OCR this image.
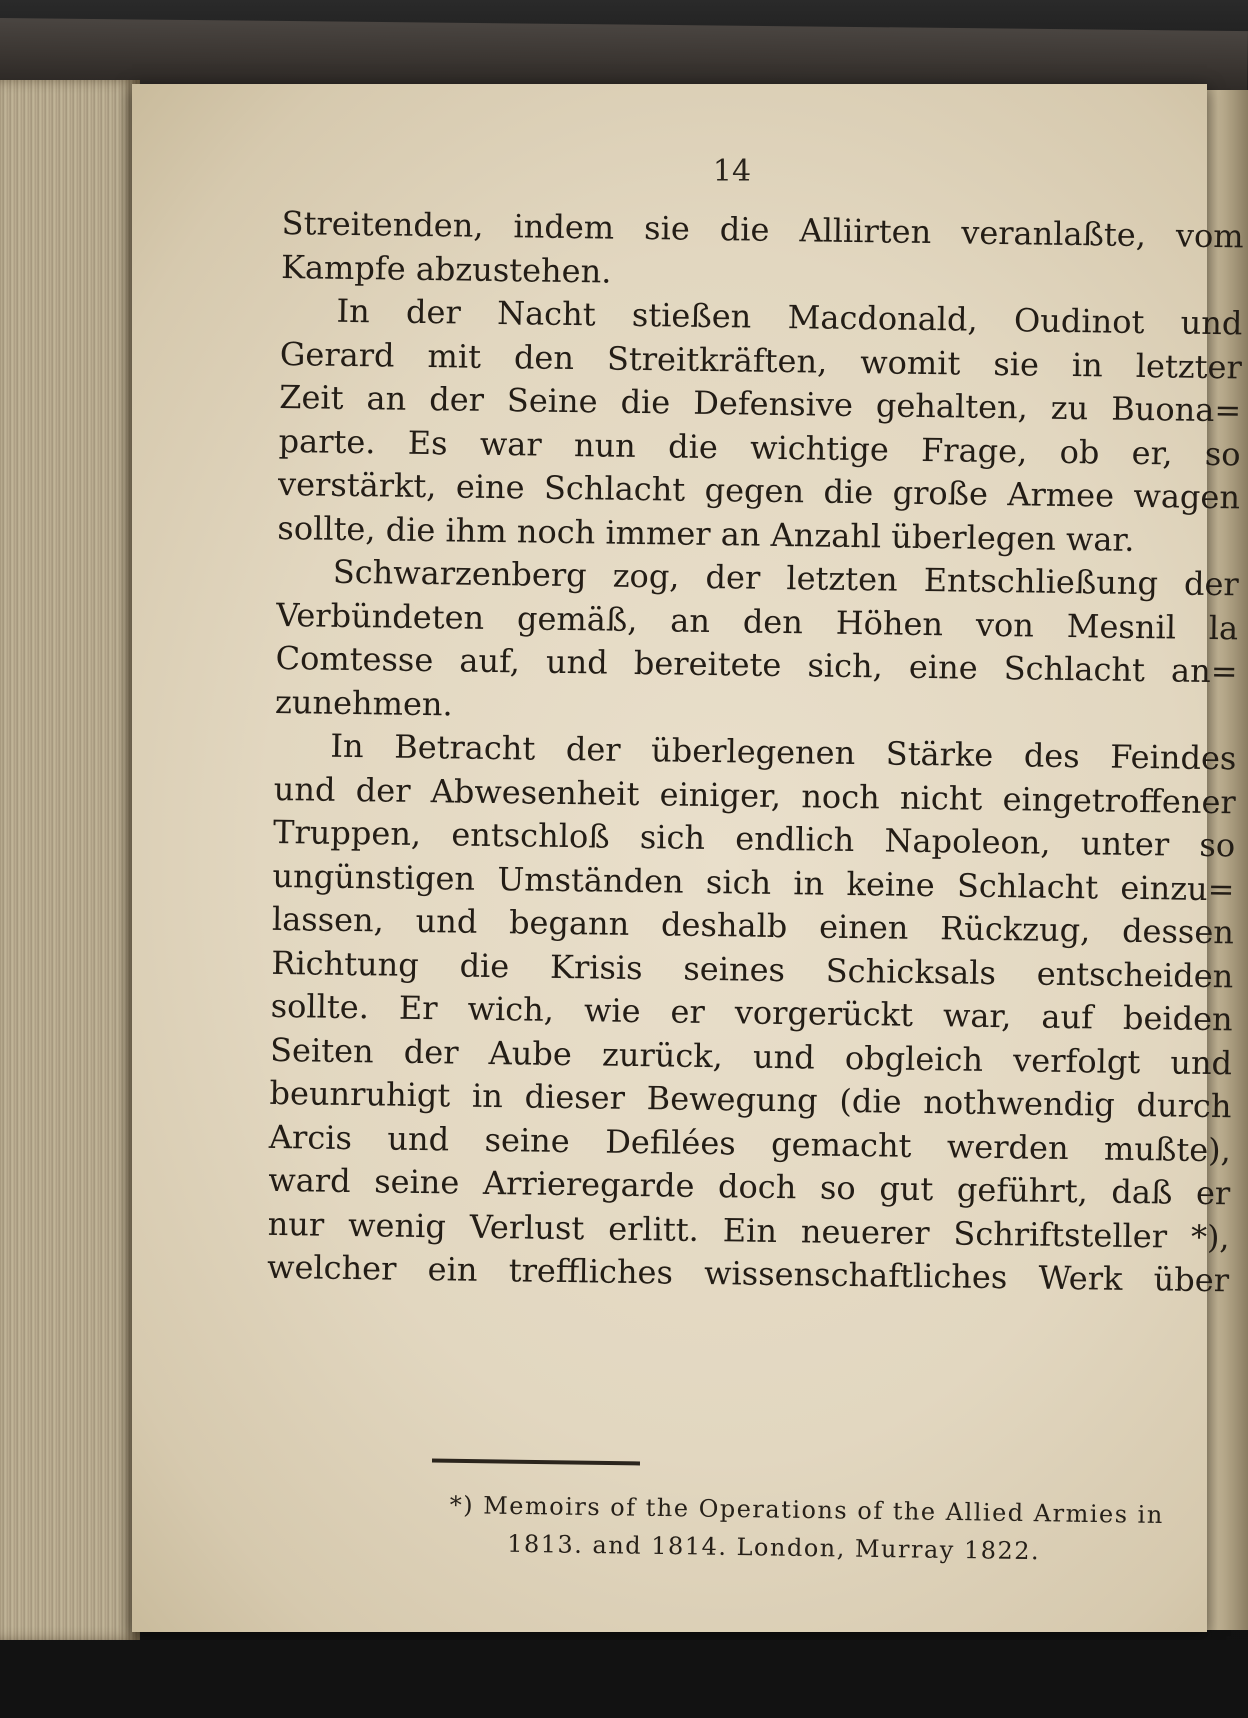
14

Streitenden, indem sie die Alliirten veranlaßte, vom

Kampfe abzustehen.

In der Nacht stießen Macdonald, Oudinot und

Gerard mit den Streitkräften, womit sie in letzter

Zeit an der Seine die Defensive gehalten, zu Buona=

parte. Es war nun die wichtige Frage, ob er, so

verstärkt, eine Schlacht gegen die große Armee wagen

sollte, die ihm noch immer an Anzahl überlegen war.

Schwarzenberg zog, der letzten Entschließung der

Verbündeten gemäß, an den Höhen von Mesnil la

Comtesse auf, und bereitete sich, eine Schlacht an=

zunehmen.

In Betracht der überlegenen Stärke des Feindes

und der Abwesenheit einiger, noch nicht eingetroffener

Truppen, entschloß sich endlich Napoleon, unter so

ungünstigen Umständen sich in keine Schlacht einzu=

lassen, und begann deshalb einen Rückzug, dessen

Richtung die Krisis seines Schicksals entscheiden

sollte. Er wich, wie er vorgerückt war, auf beiden

Seiten der Aube zurück, und obgleich verfolgt und

beunruhigt in dieser Bewegung (die nothwendig durch

Arcis und seine Defilées gemacht werden mußte),

ward seine Arrieregarde doch so gut geführt, daß er

nur wenig Verlust erlitt. Ein neuerer Schriftsteller *),

welcher ein treffliches wissenschaftliches Werk über

*) Memoirs of the Operations of the Allied Armies in
1813. and 1814. London, Murray 1822.
